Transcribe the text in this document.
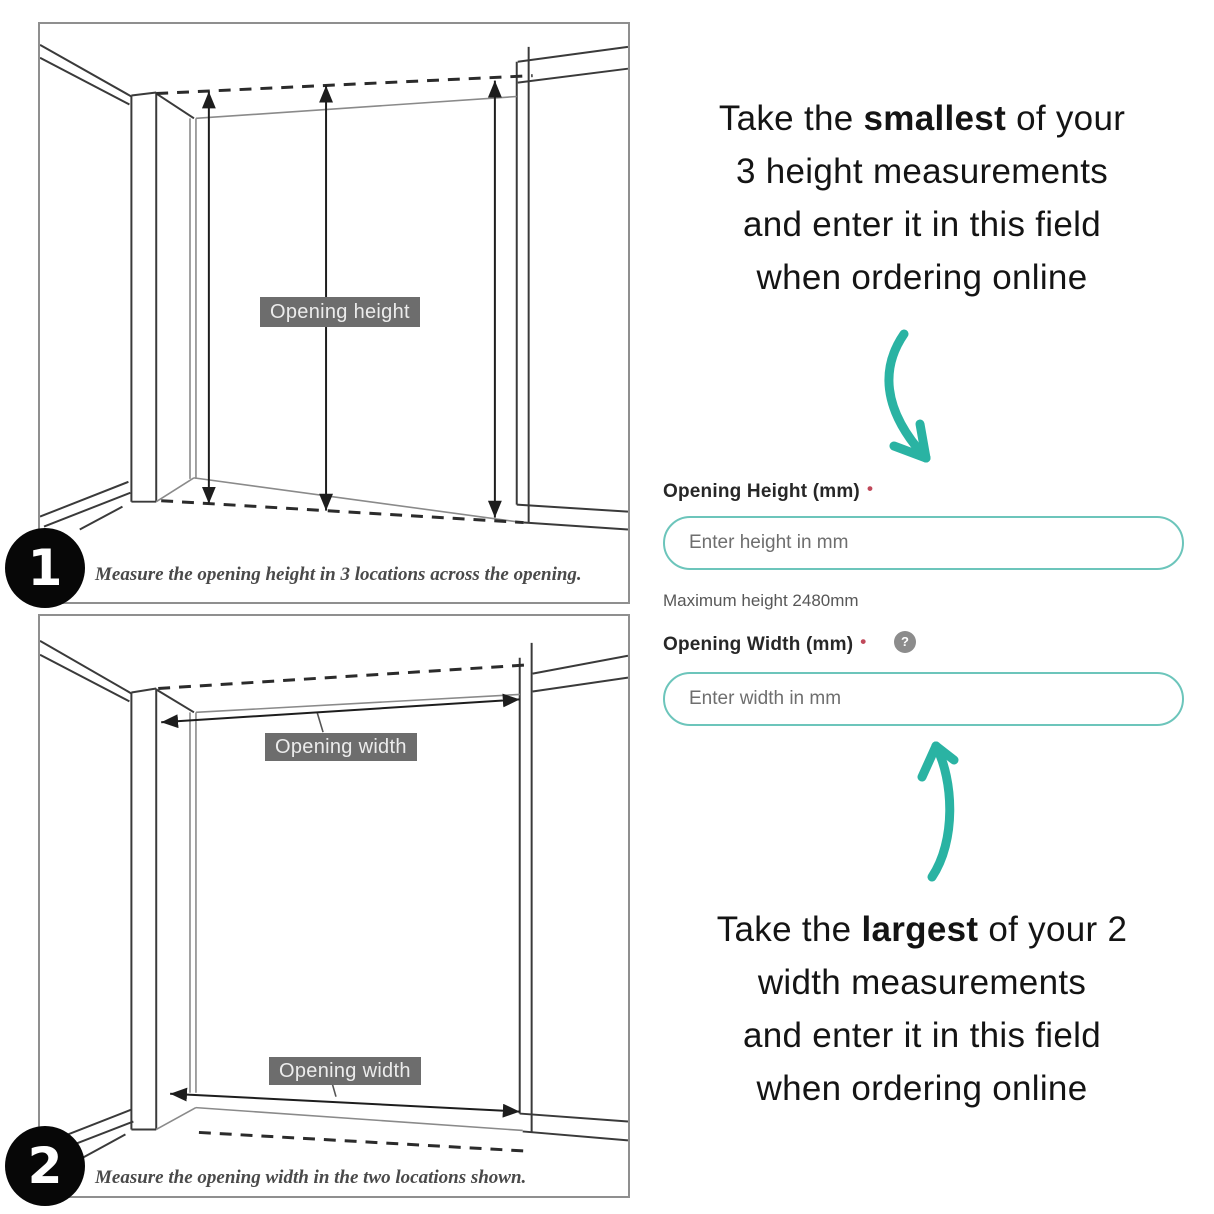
Opening height
Measure the opening height in 3 locations across the opening.
1
Opening width
Opening width
Measure the opening width in the two locations shown.
2
Take the smallest of your
3 height measurements
and enter it in this field
when ordering online
Opening Height (mm) •
Enter height in mm
Maximum height 2480mm
Opening Width (mm) •	?
Enter width in mm
Take the largest of your 2
width measurements
and enter it in this field
when ordering online
